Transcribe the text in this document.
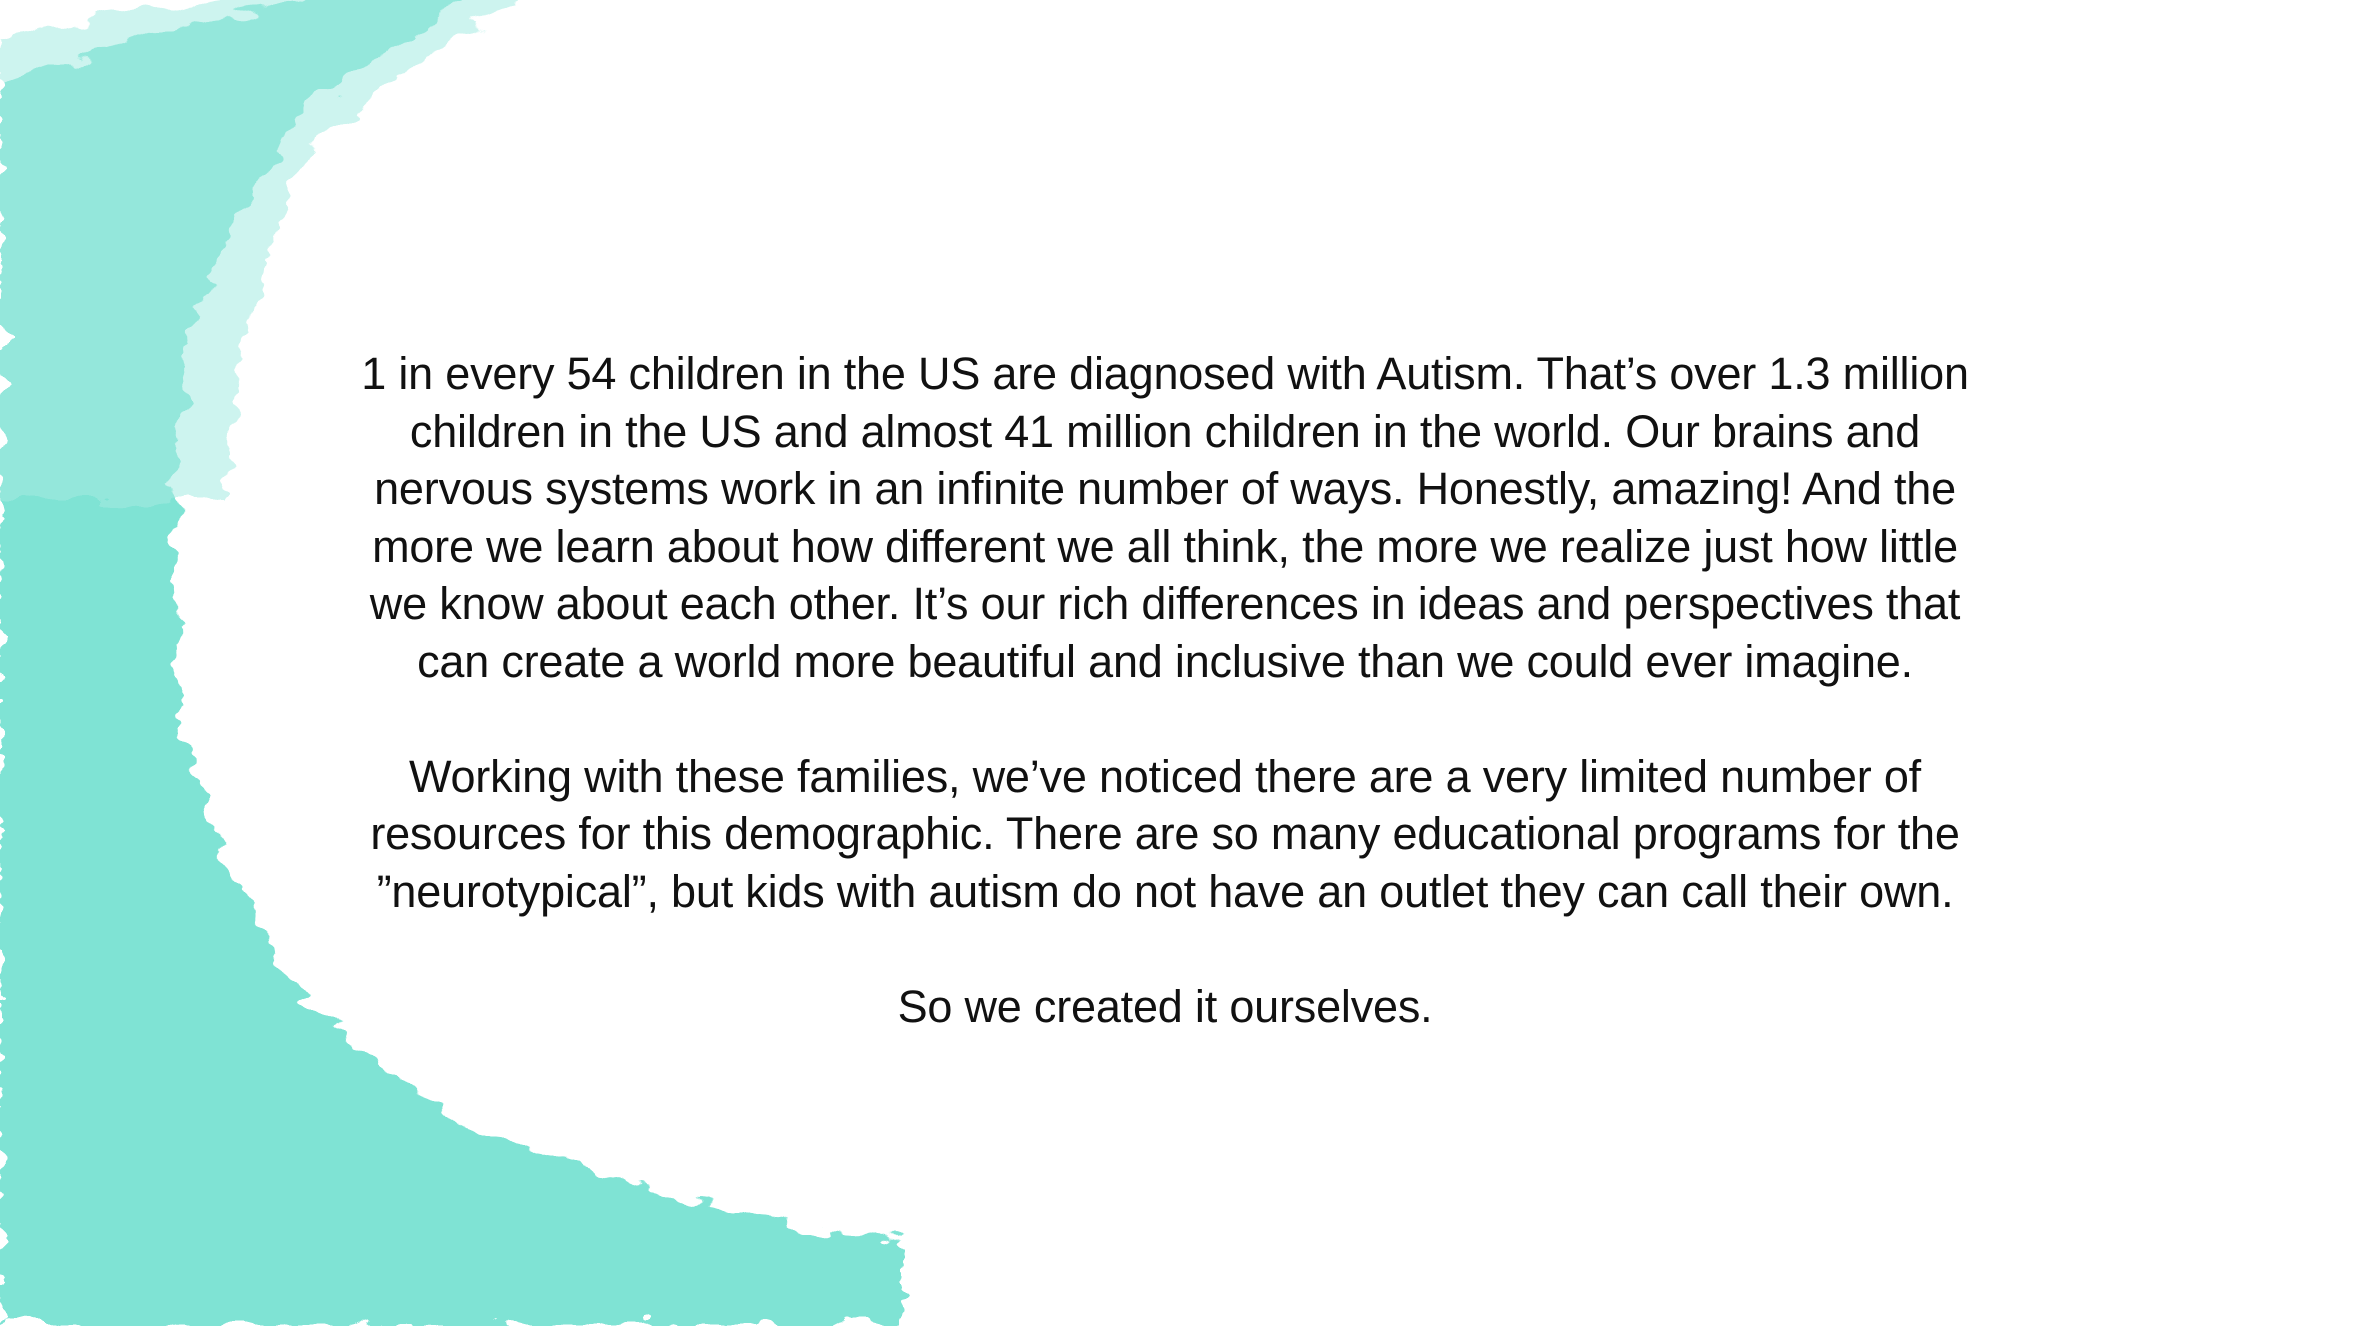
1 in every 54 children in the US are diagnosed with Autism. That’s over 1.3 million
children in the US and almost 41 million children in the world. Our brains and
nervous systems work in an infinite number of ways. Honestly, amazing! And the
more we learn about how different we all think, the more we realize just how little
we know about each other. It’s our rich differences in ideas and perspectives that
can create a world more beautiful and inclusive than we could ever imagine.

Working with these families, we’ve noticed there are a very limited number of
resources for this demographic. There are so many educational programs for the
”neurotypical”, but kids with autism do not have an outlet they can call their own.

So we created it ourselves.
